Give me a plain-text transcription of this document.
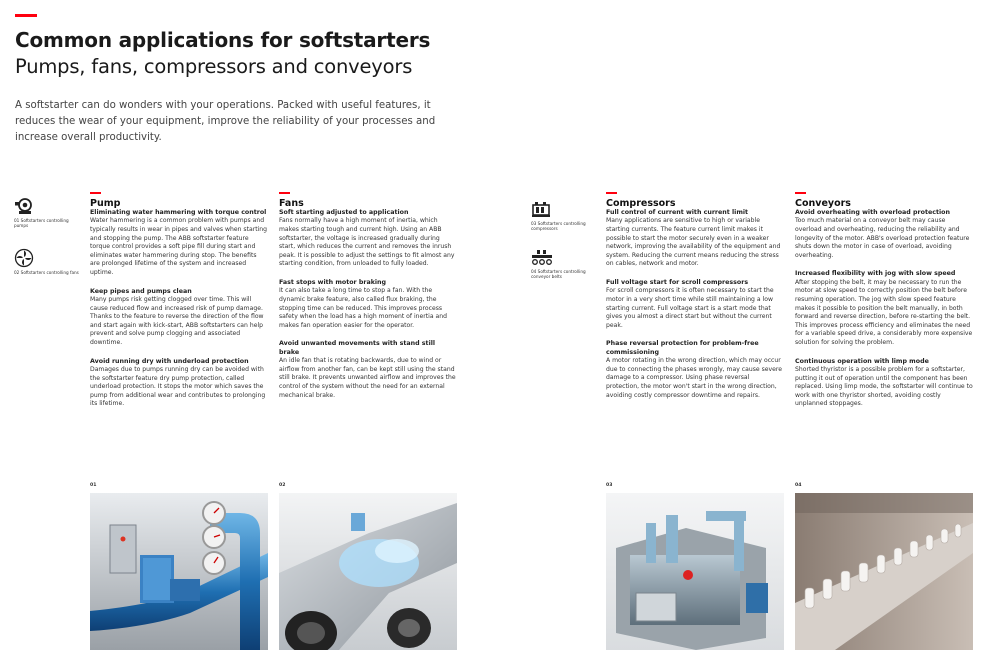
Common applications for softstarters
Pumps, fans, compressors and conveyors
A softstarter can do wonders with your operations. Packed with useful features, it reduces the wear of your equipment, improve the reliability of your processes and increase overall productivity.
01 Softstarters controlling pumps
02 Softstarters controlling fans
03 Softstarters controlling compressors
04 Softstarters controlling conveyor belts
Pump
Eliminating water hammering with torque control

Water hammering is a common problem with pumps and typically results in wear in pipes and valves when starting and stopping the pump. The ABB softstarter feature torque control provides a soft pipe fill during start and eliminates water hammering during stop. The benefits are prolonged lifetime of the system and increased uptime.

Keep pipes and pumps clean

Many pumps risk getting clogged over time. This will cause reduced flow and increased risk of pump damage. Thanks to the feature to reverse the direction of the flow and start again with kick-start, ABB softstarters can help prevent and solve pump clogging and associated downtime.

Avoid running dry with underload protection

Damages due to pumps running dry can be avoided with the softstarter feature dry pump protection, called underload protection. It stops the motor which saves the pump from additional wear and contributes to prolonging its lifetime.

Fans
Soft starting adjusted to application

Fans normally have a high moment of inertia, which makes starting tough and current high. Using an ABB softstarter, the voltage is increased gradually during start, which reduces the current and removes the inrush peak. It is possible to adjust the settings to fit almost any starting condition, from unloaded to fully loaded.

Fast stops with motor braking

It can also take a long time to stop a fan. With the dynamic brake feature, also called flux braking, the stopping time can be reduced. This improves process safety when the load has a high moment of inertia and makes fan operation easier for the operator.

Avoid unwanted movements with stand still brake

An idle fan that is rotating backwards, due to wind or airflow from another fan, can be kept still using the stand still brake. It prevents unwanted airflow and improves the control of the system without the need for an external mechanical brake.

Compressors
Full control of current with current limit

Many applications are sensitive to high or variable starting currents. The feature current limit makes it possible to start the motor securely even in a weaker network, improving the availability of the equipment and system. Reducing the current means reducing the stress on cables, network and motor.

Full voltage start for scroll compressors

For scroll compressors it is often necessary to start the motor in a very short time while still maintaining a low starting current. Full voltage start is a start mode that gives you almost a direct start but without the current peak.

Phase reversal protection for problem-free commissioning

A motor rotating in the wrong direction, which may occur due to connecting the phases wrongly, may cause severe damage to a compressor. Using phase reversal protection, the motor won't start in the wrong direction, avoiding costly compressor downtime and repairs.

Conveyors
Avoid overheating with overload protection

Too much material on a conveyor belt may cause overload and overheating, reducing the reliability and longevity of the motor. ABB's overload protection feature shuts down the motor in case of overload, avoiding overheating.

Increased flexibility with jog with slow speed

After stopping the belt, it may be necessary to run the motor at slow speed to correctly position the belt before resuming operation. The jog with slow speed feature makes it possible to position the belt manually, in both forward and reverse direction, before re-starting the belt. This improves process efficiency and eliminates the need for a variable speed drive, a considerably more expensive solution for solving the problem.

Continuous operation with limp mode

Shorted thyristor is a possible problem for a softstarter, putting it out of operation until the component has been replaced. Using limp mode, the softstarter will continue to work with one thyristor shorted, avoiding costly unplanned stoppages.

01	02	03	04
